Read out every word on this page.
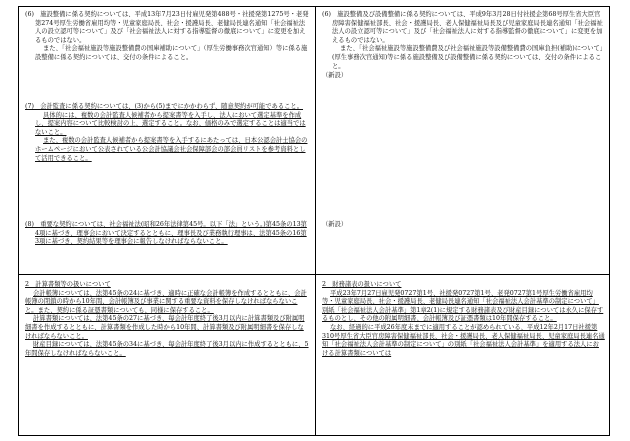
(6)　施設整備に係る契約については、平成13年7月23日付雇児発第488号・社援発第1275号・老発第274号厚生労働省雇用均等・児童家庭局長、社会・援護局長、老健局長連名通知「社会福祉法人の設立認可等について」及び「社会福祉法人に対する指導監督の徹底について」に変更を加えるものではない。

また、「社会福祉施設等施設整備費の国庫補助について」（厚生労働事務次官通知）等に係る施設整備に係る契約については、交付の条件によること。

(7)　会計監査に係る契約については、(3)から(5)までにかかわらず、随意契約が可能であること。

具体的には、複数の会計監査人候補者から提案書等を入手し、法人において選定基準を作成し、提案内容について比較検討の上、選定すること。なお、価格のみで選定することは適当ではないこと。

また、複数の会計監査人候補者から提案書等を入手するにあたっては、日本公認会計士協会のホームページにおいて公表されている公会計協議会社会保障部会の部会員リストを参考資料として活用できること。

(8)　重要な契約については、社会福祉法(昭和26年法律第45号。以下「法」という。)第45条の13第4項に基づき、理事会において決定するとともに、理事長及び業務執行理事は、法第45条の16第3項に基づき、契約結果等を理事会に報告しなければならないこと。

(6)　施設整備及び設備整備に係る契約については、平成9年3月28日付社援企第68号厚生省大臣官房障害保健福祉部長、社会・援護局長、老人保健福祉局長及び児童家庭局長連名通知「社会福祉法人の設立認可等について」及び「社会福祉法人に対する指導監督の徹底について」に変更を加えるものではない。

また、「社会福祉施設等施設整備費及び社会福祉施設等設備整備費の国庫負担(補助)について」(厚生事務次官通知)等に係る施設整備及び設備整備に係る契約については、交付の条件によること。

（新設）

（新設）

2　計算書類等の扱いについて

会計帳簿については、法第45条の24に基づき、適時に正確な会計帳簿を作成するとともに、会計帳簿の閉鎖の時から10年間、会計帳簿及び事業に関する重要な資料を保存しなければならないこと。また、契約に係る証憑書類についても、同様に保存すること。

計算書類については、法第45条の27に基づき、毎会計年度終了後3月以内に計算書類及び附属明細書を作成するとともに、計算書類を作成した時から10年間、計算書類及び附属明細書を保存しなければならないこと。

財産目録については、法第45条の34に基づき、毎会計年度終了後3月以内に作成するとともに、5年間保存しなければならないこと。

2　財務諸表の扱いについて

平成23年7月27日雇児発0727第1号、社援発0727第1号、老発0727第1号厚生労働省雇用均等・児童家庭局長、社会・援護局長、老健局長連名通知「社会福祉法人会計基準の制定について」別紙「社会福祉法人会計基準」第1章2(1)に規定する財務諸表及び財産目録については永久に保存するものとし、その他の附属明細書、会計帳簿及び証憑書類は10年間保存すること。

なお、経過的に平成26年度末までに適用することが認められている、平成12年2月17日社援第310号厚生省大臣官房障害保健福祉部長、社会・援護局長、老人保健福祉局長、児童家庭局長連名通知「社会福祉法人会計基準の制定について」の別紙「社会福祉法人会計基準」を適用する法人における計算書類については
